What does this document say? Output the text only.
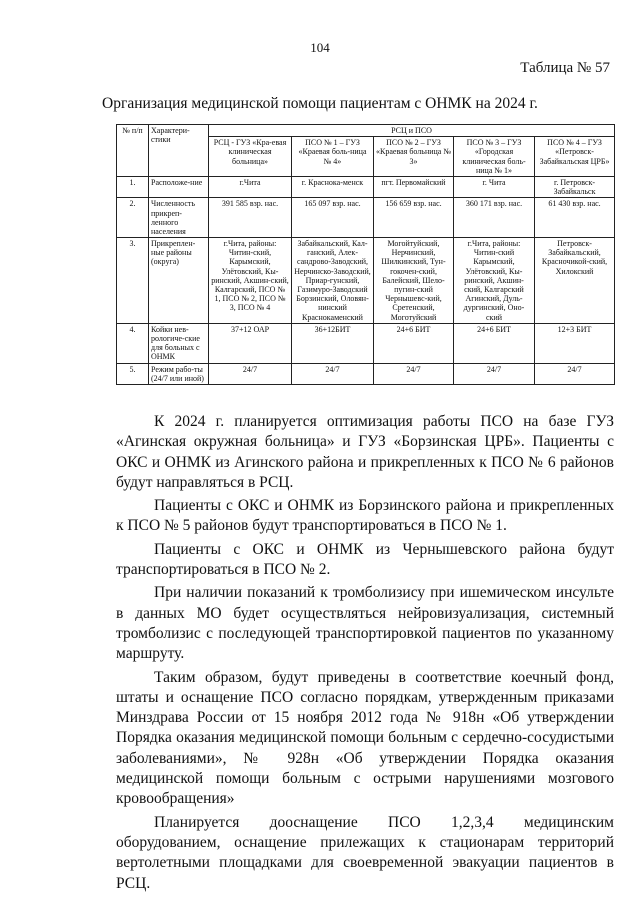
104
Таблица № 57
Организация медицинской помощи пациентам с ОНМК на 2024 г.
№ п/п	Характери-стики	РСЦ и ПСО				
		РСЦ - ГУЗ «Кра-евая клиническая больница»	ПСО № 1 – ГУЗ «Краевая боль-ница № 4»	ПСО № 2 – ГУЗ «Краевая больница № 3»	ПСО № 3 – ГУЗ «Городская клиническая боль-ница № 1»	ПСО № 4 – ГУЗ «Петровск-Забайкальская ЦРБ»
1.	Расположе-ние	г.Чита	г. Краснока-менск	пгт. Первомайский	г. Чита	г. Петровск-Забайкальск
2.	Численность прикреп-ленного населения	391 585 взр. нас.	165 097 взр. нас.	156 659 взр. нас.	360 171 взр. нас.	61 430 взр. нас.
3.	Прикреплен-ные районы (округа)	г.Чита, районы: Читин-ский, Карымский, Улётовский, Кы-ринский, Акшин-ский, Калгарский, ПСО № 1, ПСО № 2, ПСО № 3, ПСО № 4	Забайкальский, Кал-ганский, Алек-сандрово-Заводский, Нерчинско-Заводский, Приар-гунский, Газимуро-Заводский Борзинский, Оловян-нинский Краснокаменский	Могойтуйский, Нерчинский, Шилкинский, Тун-гокочен-ский, Балейский, Шело-пугин-ский Чернышевс-кий, Сретенский, Моготуйский	г.Чита, районы: Читин-ский Карымский, Улётовский, Кы-ринский, Акшин-ский, Калгарский Агинский, Дуль-дургинский, Оно-ский	Петровск-Забайкальский, Красночикой-ский, Хилокский
4.	Койки нев-рологиче-ские для больных с ОНМК	37+12 ОАР	36+12БИТ	24+6 БИТ	24+6 БИТ	12+3 БИТ
5.	Режим рабо-ты (24/7 или иной)	24/7	24/7	24/7	24/7	24/7

К 2024 г. планируется оптимизация работы ПСО на базе ГУЗ «Агинская окружная больница» и ГУЗ «Борзинская ЦРБ». Пациенты с ОКС и ОНМК из Агинского района и прикрепленных к ПСО № 6 районов будут направляться в РСЦ.

Пациенты с ОКС и ОНМК из Борзинского района и прикрепленных к ПСО № 5 районов будут транспортироваться в ПСО № 1.

Пациенты с ОКС и ОНМК из Чернышевского района будут транспортироваться в ПСО № 2.

При наличии показаний к тромболизису при ишемическом инсульте в данных МО будет осуществляться нейровизуализация, системный тромболизис с последующей транспортировкой пациентов по указанному маршруту.

Таким образом, будут приведены в соответствие коечный фонд, штаты и оснащение ПСО согласно порядкам, утвержденным приказами Минздрава России от 15 ноября 2012 года № 918н «Об утверждении Порядка оказания медицинской помощи больным с сердечно-сосудистыми заболеваниями», № 928н «Об утверждении Порядка оказания медицинской помощи больным с острыми нарушениями мозгового кровообращения»

Планируется дооснащение ПСО 1,2,3,4 медицинским оборудованием, оснащение прилежащих к стационарам территорий вертолетными площадками для своевременной эвакуации пациентов в РСЦ.
